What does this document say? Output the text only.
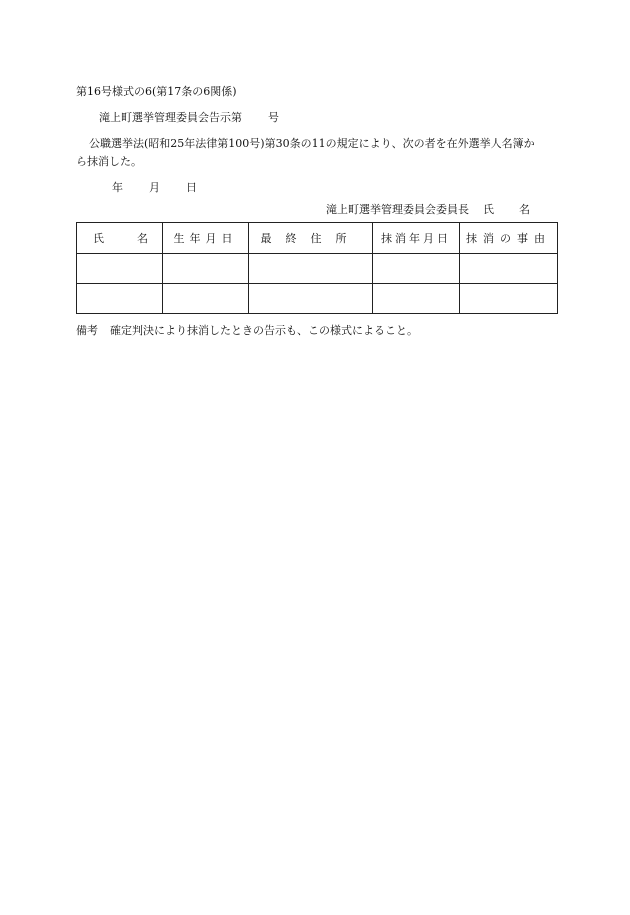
第16号様式の6(第17条の6関係)
滝上町選挙管理委員会告示第 号
公職選挙法(昭和25年法律第100号)第30条の11の規定により、次の者を在外選挙人名簿か
ら抹消した。
年 月 日
滝上町選挙管理委員会委員長 氏 名
氏 名	生年月日	最終住所	抹消年月日	抹消の事由

備考 確定判決により抹消したときの告示も、この様式によること。
